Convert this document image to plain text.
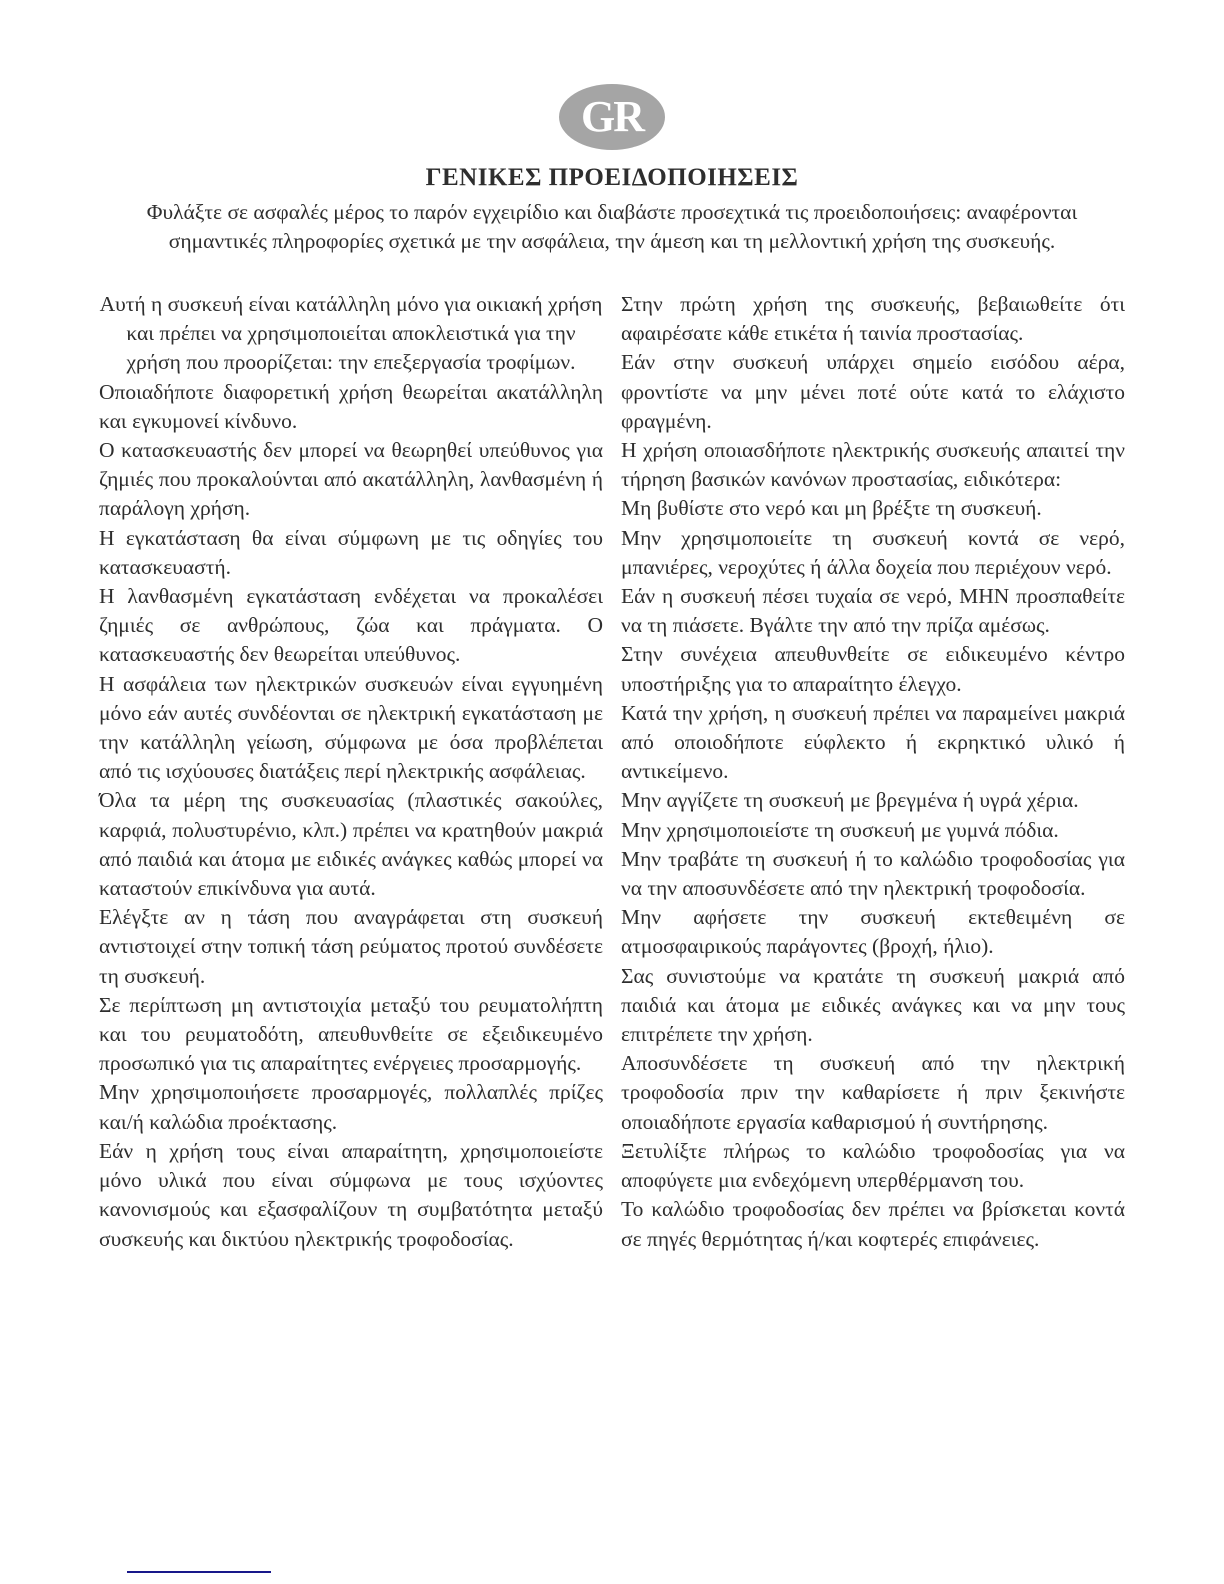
GR
ΓΕΝΙΚΕΣ ΠΡΟΕΙΔΟΠΟΙΗΣΕΙΣ
Φυλάξτε σε ασφαλές μέρος το παρόν εγχειρίδιο και διαβάστε προσεχτικά τις προειδοποιήσεις: αναφέρονται σημαντικές πληροφορίες σχετικά με την ασφάλεια, την άμεση και τη μελλοντική χρήση της συσκευής.

Αυτή η συσκευή είναι κατάλληλη μόνο για οικιακή χρήση και πρέπει να χρησιμοποιείται αποκλειστικά για την χρήση που προορίζεται: την επεξεργασία τροφίμων.

Οποιαδήποτε διαφορετική χρήση θεωρείται ακατάλληλη και εγκυμονεί κίνδυνο.

Ο κατασκευαστής δεν μπορεί να θεωρηθεί υπεύθυνος για ζημιές που προκαλούνται από ακατάλληλη, λανθασμένη ή παράλογη χρήση.

Η εγκατάσταση θα είναι σύμφωνη με τις οδηγίες του κατασκευαστή.

Η λανθασμένη εγκατάσταση ενδέχεται να προκαλέσει ζημιές σε ανθρώπους, ζώα και πράγματα. Ο κατασκευαστής δεν θεωρείται υπεύθυνος.

Η ασφάλεια των ηλεκτρικών συσκευών είναι εγγυημένη μόνο εάν αυτές συνδέονται σε ηλεκτρική εγκατάσταση με την κατάλληλη γείωση, σύμφωνα με όσα προβλέπεται από τις ισχύουσες διατάξεις περί ηλεκτρικής ασφάλειας.

Όλα τα μέρη της συσκευασίας (πλαστικές σακούλες, καρφιά, πολυστυρένιο, κλπ.) πρέπει να κρατηθούν μακριά από παιδιά και άτομα με ειδικές ανάγκες καθώς μπορεί να καταστούν επικίνδυνα για αυτά.

Ελέγξτε αν η τάση που αναγράφεται στη συσκευή αντιστοιχεί στην τοπική τάση ρεύματος προτού συνδέσετε τη συσκευή.

Σε περίπτωση μη αντιστοιχία μεταξύ του ρευματολήπτη και του ρευματοδότη, απευθυνθείτε σε εξειδικευμένο προσωπικό για τις απαραίτητες ενέργειες προσαρμογής.

Μην χρησιμοποιήσετε προσαρμογές, πολλαπλές πρίζες και/ή καλώδια προέκτασης.

Εάν η χρήση τους είναι απαραίτητη, χρησιμοποιείστε μόνο υλικά που είναι σύμφωνα με τους ισχύοντες κανονισμούς και εξασφαλίζουν τη συμβατότητα μεταξύ συσκευής και δικτύου ηλεκτρικής τροφοδοσίας.

Στην πρώτη χρήση της συσκευής, βεβαιωθείτε ότι αφαιρέσατε κάθε ετικέτα ή ταινία προστασίας.

Εάν στην συσκευή υπάρχει σημείο εισόδου αέρα, φροντίστε να μην μένει ποτέ ούτε κατά το ελάχιστο φραγμένη.

Η χρήση οποιασδήποτε ηλεκτρικής συσκευής απαιτεί την τήρηση βασικών κανόνων προστασίας, ειδικότερα:

Μη βυθίστε στο νερό και μη βρέξτε τη συσκευή.

Μην χρησιμοποιείτε τη συσκευή κοντά σε νερό, μπανιέρες, νεροχύτες ή άλλα δοχεία που περιέχουν νερό.

Εάν η συσκευή πέσει τυχαία σε νερό, ΜΗΝ προσπαθείτε να τη πιάσετε. Βγάλτε την από την πρίζα αμέσως.

Στην συνέχεια απευθυνθείτε σε ειδικευμένο κέντρο υποστήριξης για το απαραίτητο έλεγχο.

Κατά την χρήση, η συσκευή πρέπει να παραμείνει μακριά από οποιοδήποτε εύφλεκτο ή εκρηκτικό υλικό ή αντικείμενο.

Μην αγγίζετε τη συσκευή με βρεγμένα ή υγρά χέρια.

Μην χρησιμοποιείστε τη συσκευή με γυμνά πόδια.

Μην τραβάτε τη συσκευή ή το καλώδιο τροφοδοσίας για να την αποσυνδέσετε από την ηλεκτρική τροφοδοσία.

Μην αφήσετε την συσκευή εκτεθειμένη σε ατμοσφαιρικούς παράγοντες (βροχή, ήλιο).

Σας συνιστούμε να κρατάτε τη συσκευή μακριά από παιδιά και άτομα με ειδικές ανάγκες και να μην τους επιτρέπετε την χρήση.

Αποσυνδέσετε τη συσκευή από την ηλεκτρική τροφοδοσία πριν την καθαρίσετε ή πριν ξεκινήστε οποιαδήποτε εργασία καθαρισμού ή συντήρησης.

Ξετυλίξτε πλήρως το καλώδιο τροφοδοσίας για να αποφύγετε μια ενδεχόμενη υπερθέρμανση του.

Το καλώδιο τροφοδοσίας δεν πρέπει να βρίσκεται κοντά σε πηγές θερμότητας ή/και κοφτερές επιφάνειες.
